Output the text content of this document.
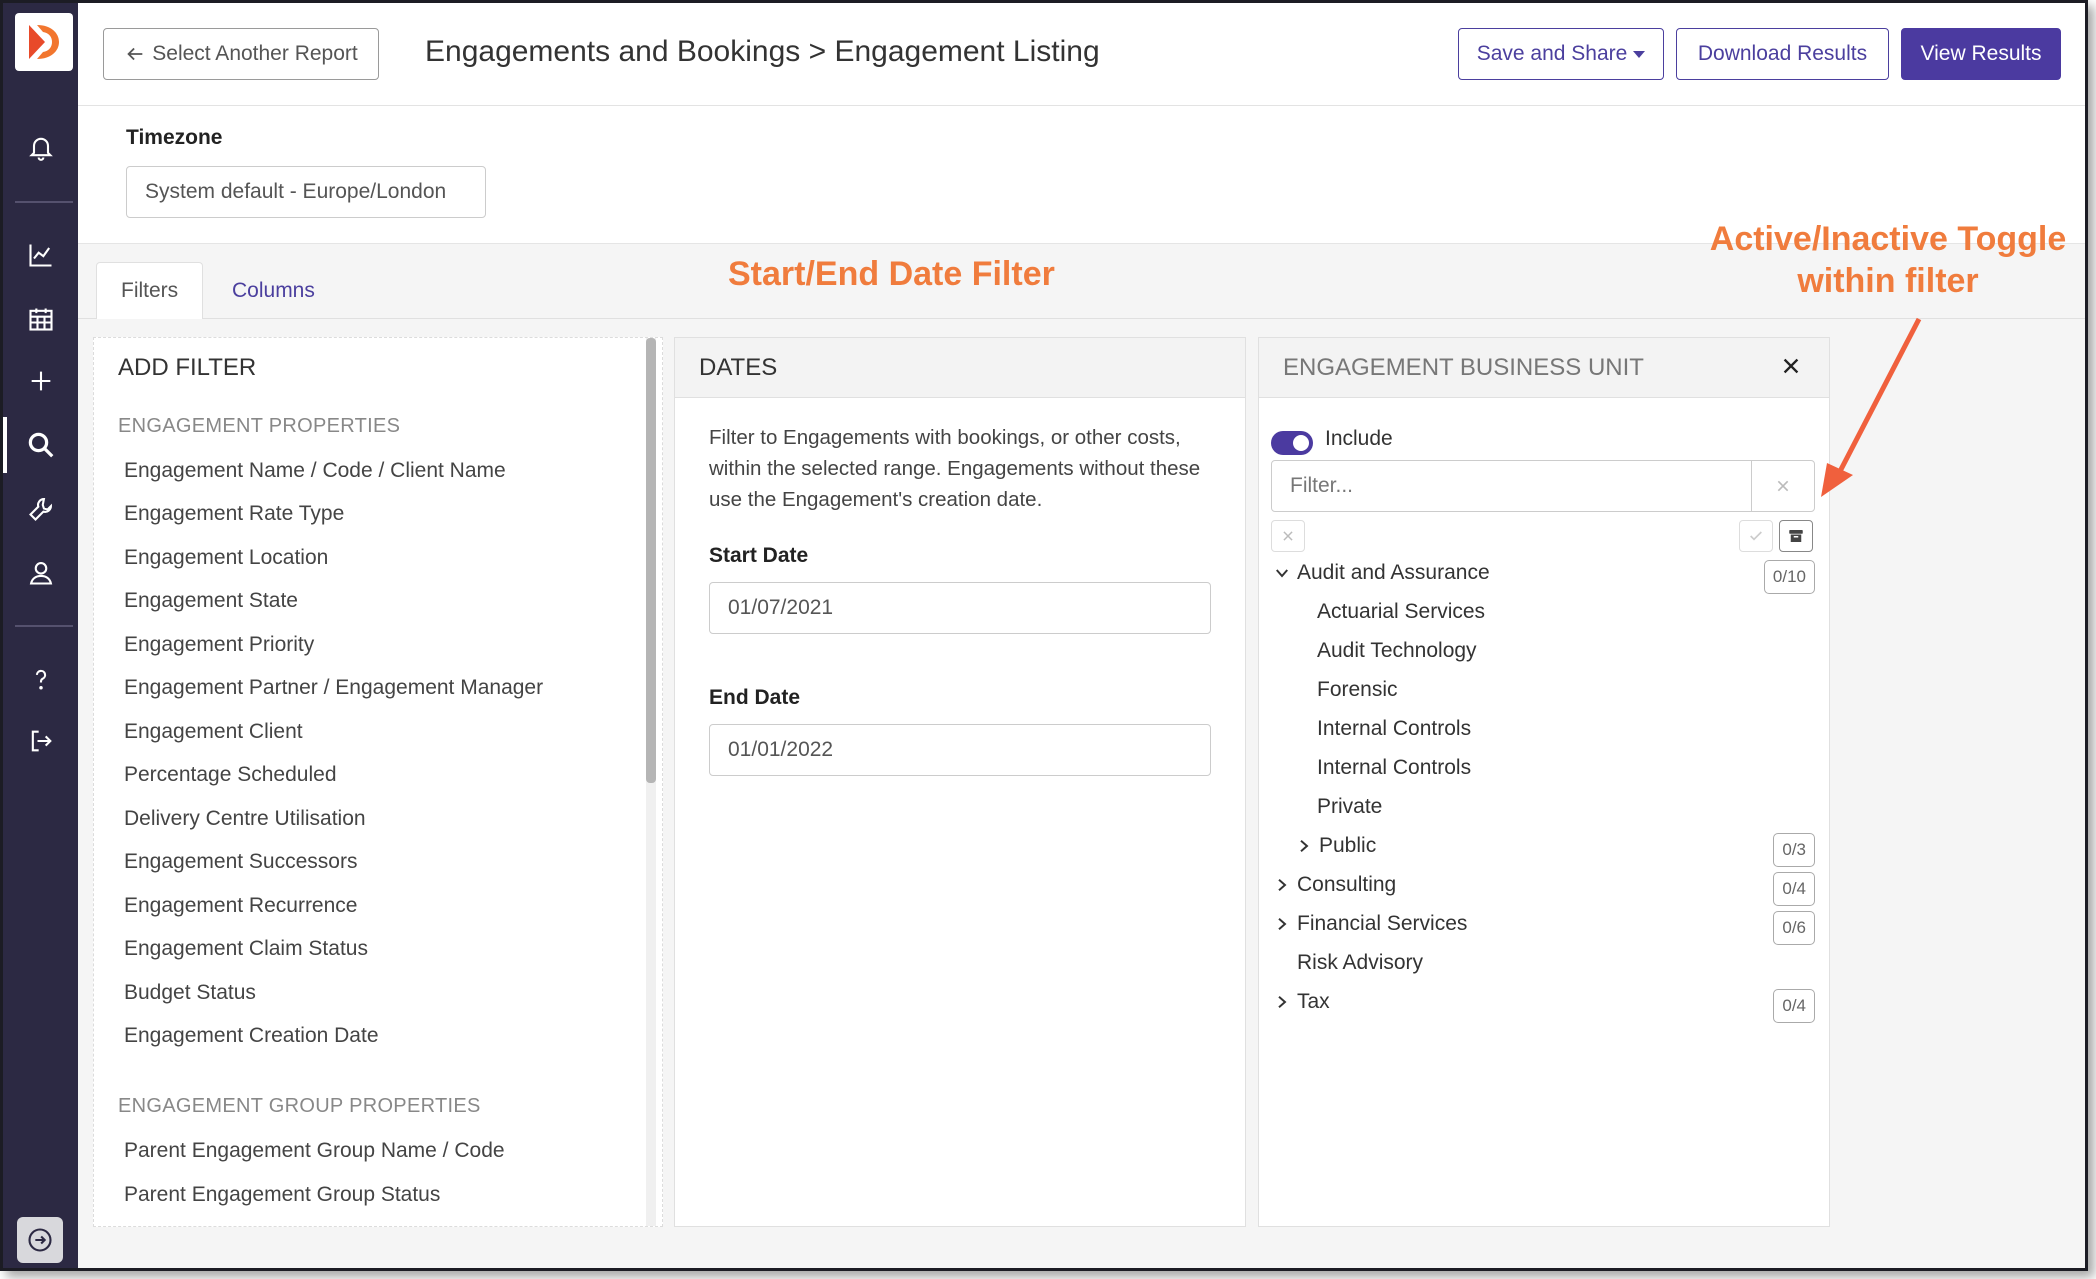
Select Another Report Engagements and Bookings > Engagement Listing	Save and Share	Download Results	View Results
Timezone
System default - Europe/London
Filters	Columns	Start/End Date Filter
Active/Inactive Toggle
within filter
ADD FILTER
ENGAGEMENT PROPERTIES
Engagement Name / Code / Client Name
Engagement Rate Type
Engagement Location
Engagement State
Engagement Priority
Engagement Partner / Engagement Manager
Engagement Client
Percentage Scheduled
Delivery Centre Utilisation
Engagement Successors
Engagement Recurrence
Engagement Claim Status
Budget Status
Engagement Creation Date
ENGAGEMENT GROUP PROPERTIES
Parent Engagement Group Name / Code
Parent Engagement Group Status
DATES
Filter to Engagements with bookings, or other costs, within the selected range. Engagements without these use the Engagement's creation date.
Start Date
01/07/2021
End Date
01/01/2022
ENGAGEMENT BUSINESS UNIT
Include
Filter...
Audit and Assurance	0/10
Actuarial Services
Audit Technology
Forensic
Internal Controls
Internal Controls
Private
Public	0/3
Consulting	0/4
Financial Services	0/6
Risk Advisory
Tax	0/4
